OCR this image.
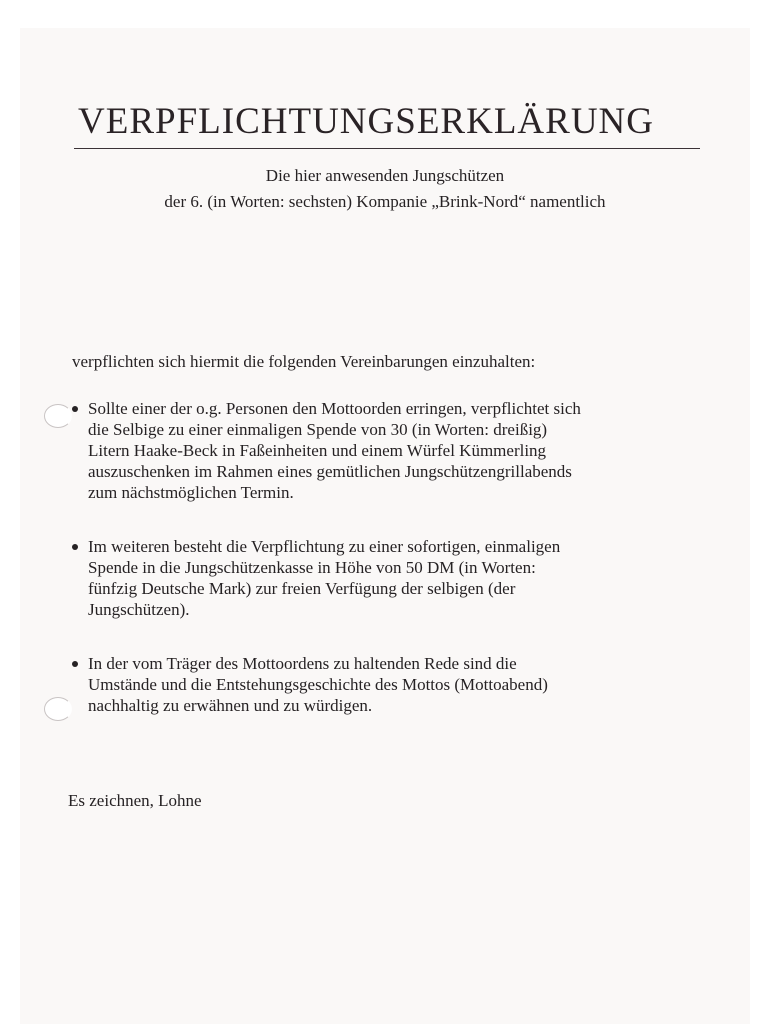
VERPFLICHTUNGSERKLÄRUNG
Die hier anwesenden Jungschützen
der 6. (in Worten: sechsten) Kompanie „Brink-Nord“ namentlich
verpflichten sich hiermit die folgenden Vereinbarungen einzuhalten:
Sollte einer der o.g. Personen den Mottoorden erringen, verpflichtet sich
die Selbige zu einer einmaligen Spende von 30 (in Worten: dreißig)
Litern Haake-Beck in Faßeinheiten und einem Würfel Kümmerling
auszuschenken im Rahmen eines gemütlichen Jungschützengrillabends
zum nächstmöglichen Termin.
Im weiteren besteht die Verpflichtung zu einer sofortigen, einmaligen
Spende in die Jungschützenkasse in Höhe von 50 DM (in Worten:
fünfzig Deutsche Mark) zur freien Verfügung der selbigen (der
Jungschützen).
In der vom Träger des Mottoordens zu haltenden Rede sind die
Umstände und die Entstehungsgeschichte des Mottos (Mottoabend)
nachhaltig zu erwähnen und zu würdigen.
Es zeichnen, Lohne
